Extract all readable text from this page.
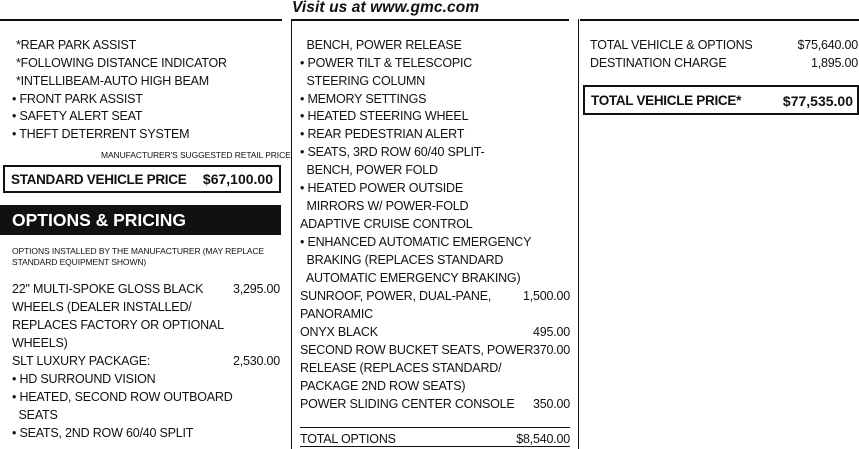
Visit us at www.gmc.com
*REAR PARK ASSIST
*FOLLOWING DISTANCE INDICATOR
*INTELLIBEAM-AUTO HIGH BEAM
• FRONT PARK ASSIST
• SAFETY ALERT SEAT
• THEFT DETERRENT SYSTEM
MANUFACTURER'S SUGGESTED RETAIL PRICE
STANDARD VEHICLE PRICE $67,100.00
OPTIONS & PRICING
OPTIONS INSTALLED BY THE MANUFACTURER (MAY REPLACE
STANDARD EQUIPMENT SHOWN)
22" MULTI-SPOKE GLOSS BLACK	3,295.00
WHEELS (DEALER INSTALLED/
REPLACES FACTORY OR OPTIONAL
WHEELS)
SLT LUXURY PACKAGE:	2,530.00
• HD SURROUND VISION
• HEATED, SECOND ROW OUTBOARD
SEATS
• SEATS, 2ND ROW 60/40 SPLIT
BENCH, POWER RELEASE
• POWER TILT & TELESCOPIC
STEERING COLUMN
• MEMORY SETTINGS
• HEATED STEERING WHEEL
• REAR PEDESTRIAN ALERT
• SEATS, 3RD ROW 60/40 SPLIT-
BENCH, POWER FOLD
• HEATED POWER OUTSIDE
MIRRORS W/ POWER-FOLD
ADAPTIVE CRUISE CONTROL
• ENHANCED AUTOMATIC EMERGENCY
BRAKING (REPLACES STANDARD
AUTOMATIC EMERGENCY BRAKING)
SUNROOF, POWER, DUAL-PANE,	1,500.00
PANORAMIC
ONYX BLACK	495.00
SECOND ROW BUCKET SEATS, POWER 370.00
RELEASE (REPLACES STANDARD/
PACKAGE 2ND ROW SEATS)
POWER SLIDING CENTER CONSOLE	350.00
TOTAL OPTIONS	$8,540.00
TOTAL VEHICLE & OPTIONS	$75,640.00
DESTINATION CHARGE	1,895.00
TOTAL VEHICLE PRICE*	$77,535.00
